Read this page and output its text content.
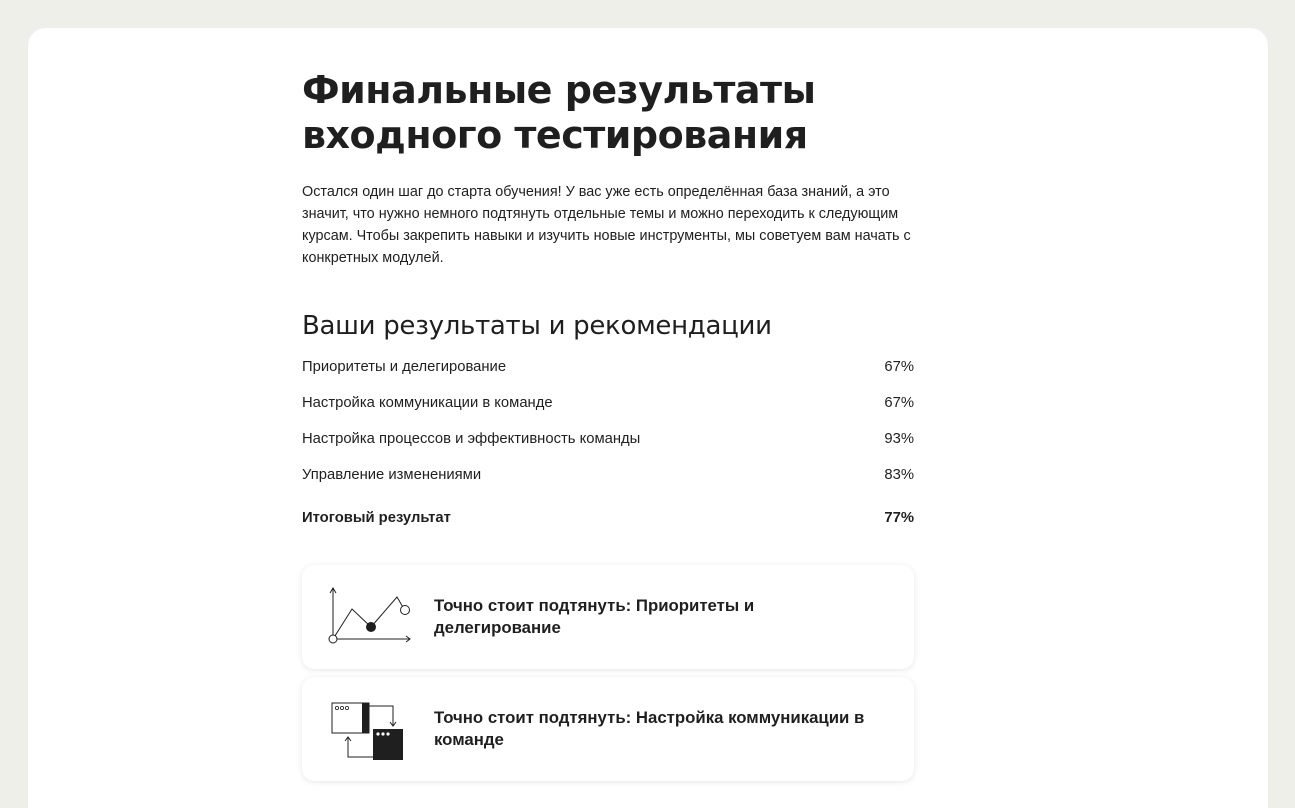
Финальные результаты входного тестирования

Остался один шаг до старта обучения! У вас уже есть определённая база знаний, а это значит, что нужно немного подтянуть отдельные темы и можно переходить к следующим курсам. Чтобы закрепить навыки и изучить новые инструменты, мы советуем вам начать с конкретных модулей.

Ваши результаты и рекомендации
Приоритеты и делегирование	67%
Настройка коммуникации в команде	67%
Настройка процессов и эффективность команды	93%
Управление изменениями	83%
Итоговый результат	77%
Точно стоит подтянуть: Приоритеты и делегирование
Точно стоит подтянуть: Настройка коммуникации в команде
